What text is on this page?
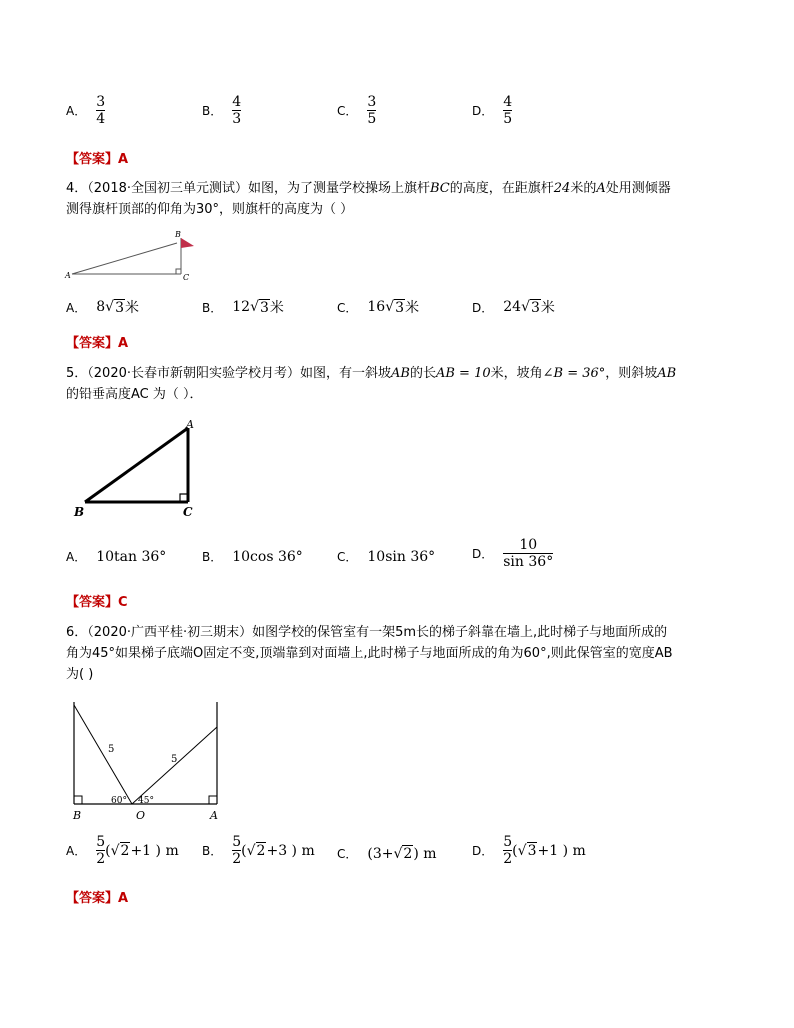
A． $\frac{3}{4}$	B． $\frac{4}{3}$	C． $\frac{3}{5}$	D． $\frac{4}{5}$
【答案】A
4．（2018·全国初三单元测试）如图，为了测量学校操场上旗杆BC的高度，在距旗杆24米的A处用测倾器
测得旗杆顶部的仰角为30°，则旗杆的高度为（ ）
A
B
C
A． 8 √ 3 米	B． 12 √ 3 米	C． 16 √ 3 米	D． 24 √ 3 米
【答案】A
5．（2020·长春市新朝阳实验学校月考）如图，有一斜坡AB的长AB = 10米，坡角∠B = 36°，则斜坡AB
的铅垂高度AC 为（ ）．
A
B	C
A． 10tan 36°	B． 10cos 36°	C． 10sin 36°	D． $\frac{10}{\sin 36^\circ}$
【答案】C
6．（2020·广西平桂·初三期末）如图学校的保管室有一架5m长的梯子斜靠在墙上,此时梯子与地面所成的
角为45°如果梯子底端O固定不变,顶端靠到对面墙上,此时梯子与地面所成的角为60°,则此保管室的宽度AB
为( )
5
5
60° 45°
B	O	A
A． $\frac{5}{2}$ ( √ 2 +1 ) m B． $\frac{5}{2}$ ( √ 2 +3 ) m C． (3+ √ 2 ) m	D． $\frac{5}{2}$ ( √ 3 +1 ) m
【答案】A
